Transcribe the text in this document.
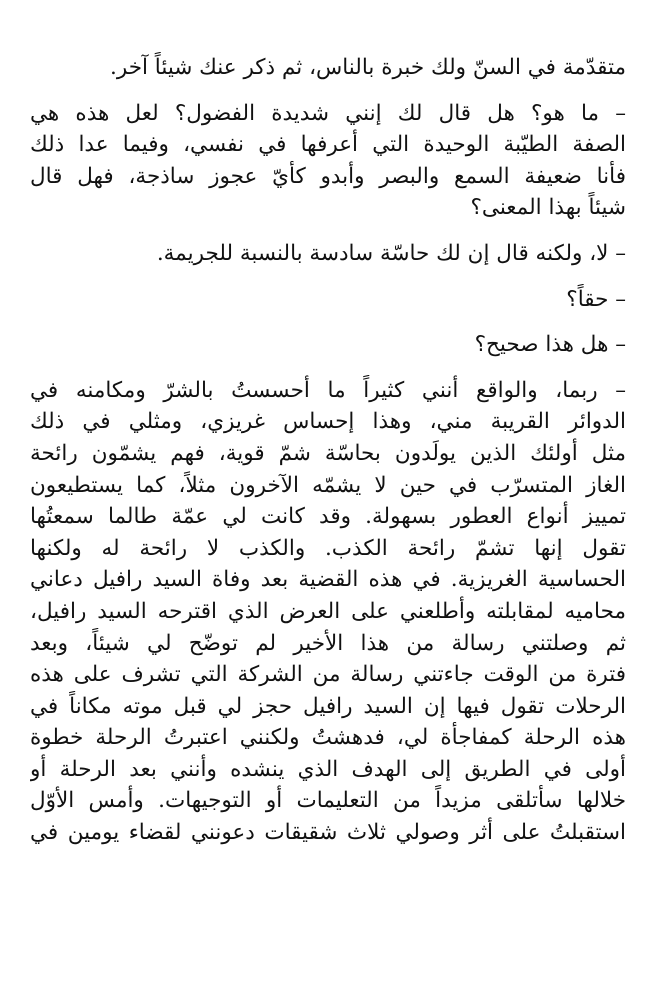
متقدّمة في السنّ ولك خبرة بالناس، ثم ذكر عنك شيئاً آخر.

– ما هو؟ هل قال لك إنني شديدة الفضول؟ لعل هذه هي
الصفة الطيّبة الوحيدة التي أعرفها في نفسي، وفيما عدا ذلك
فأنا ضعيفة السمع والبصر وأبدو كأيّ عجوز ساذجة، فهل قال
شيئاً بهذا المعنى؟

– لا، ولكنه قال إن لك حاسّة سادسة بالنسبة للجريمة.

– حقاً؟

– هل هذا صحيح؟

– ربما، والواقع أنني كثيراً ما أحسستُ بالشرّ ومكامنه في
الدوائر القريبة مني، وهذا إحساس غريزي، ومثلي في ذلك
مثل أولئك الذين يولَدون بحاسّة شمّ قوية، فهم يشمّون رائحة
الغاز المتسرّب في حين لا يشمّه الآخرون مثلاً، كما يستطيعون
تمييز أنواع العطور بسهولة. وقد كانت لي عمّة طالما سمعتُها
تقول إنها تشمّ رائحة الكذب. والكذب لا رائحة له ولكنها
الحساسية الغريزية. في هذه القضية بعد وفاة السيد رافيل دعاني
محاميه لمقابلته وأطلعني على العرض الذي اقترحه السيد رافيل،
ثم وصلتني رسالة من هذا الأخير لم توضّح لي شيئاً، وبعد
فترة من الوقت جاءتني رسالة من الشركة التي تشرف على هذه
الرحلات تقول فيها إن السيد رافيل حجز لي قبل موته مكاناً في
هذه الرحلة كمفاجأة لي، فدهشتُ ولكنني اعتبرتُ الرحلة خطوة
أولى في الطريق إلى الهدف الذي ينشده وأنني بعد الرحلة أو
خلالها سأتلقى مزيداً من التعليمات أو التوجيهات. وأمس الأوّل
استقبلتُ على أثر وصولي ثلاث شقيقات دعونني لقضاء يومين في
